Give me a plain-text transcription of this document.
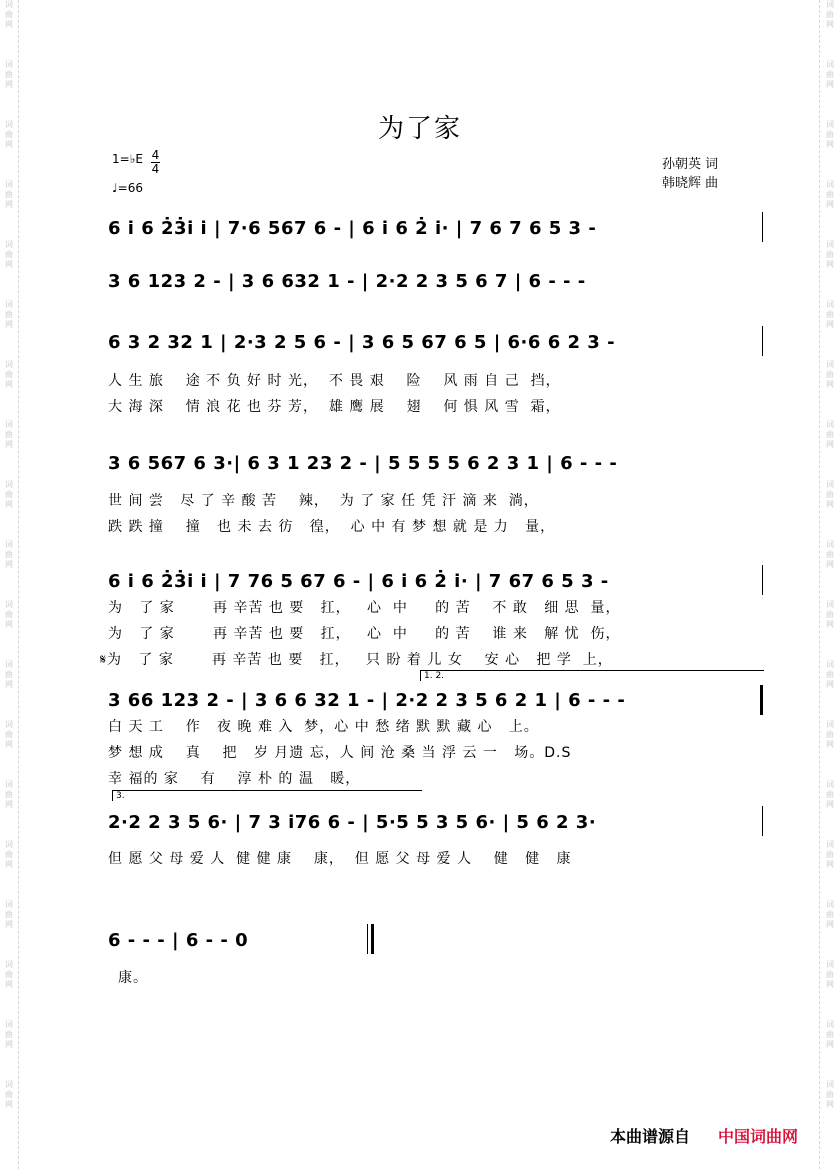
词
曲
网
词
曲
网
词
曲
网
词
曲
网
词
曲
网
词
曲
网
词
曲
网
词
曲
网
词
曲
网
词
曲
网
词
曲
网
词
曲
网
词
曲
网
词
曲
网
词
曲
网
词
曲
网
词
曲
网
词
曲
网
词
曲
网
词
曲
网
词
曲
网
词
曲
网
词
曲
网
词
曲
网
词
曲
网
词
曲
网
词
曲
网
词
曲
网
词
曲
网
词
曲
网
词
曲
网
词
曲
网
词
曲
网
词
曲
网
词
曲
网
词
曲
网
词
曲
网
词
曲
网
为了家
孙朝英 词
韩晓辉 曲
1=♭E 4
4
♩=66
6 i 6 2̇3̇i i | 7·6 567 6 - | 6 i 6 2̇ i· | 7 6 7 6 5 3 -
3 6 123 2 - | 3 6 632 1 - | 2·2 2 3 5 6 7 | 6 - - -
6 3 2 32 1 | 2·3 2 5 6 - | 3 6 5 67 6 5 | 6·6 6 2 3 -
人 生 旅    途 不 负 好 时 光，  不 畏 艰    险    风 雨 自 己  挡，
大 海 深    情 浪 花 也 芬 芳，  雄 鹰 展    翅    何 惧 风 雪  霜，
3 6 567 6 3·| 6 3 1 23 2 - | 5 5 5 5 6 2 3 1 | 6 - - -
世 间 尝   尽 了 辛 酸 苦    辣，  为 了 家 任 凭 汗 滴 来  淌，
跌 跌 撞    撞   也 未 去 彷   徨，  心 中 有 梦 想 就 是 力   量，
6 i 6 2̇3̇i i | 7 76 5 67 6 - | 6 i 6 2̇ i· | 7 67 6 5 3 -
为   了 家       再 辛苦 也 要   扛，   心  中     的 苦    不 敢   细 思  量，
为   了 家       再 辛苦 也 要   扛，   心  中     的 苦    谁 来   解 忧  伤，
𝄋为   了 家       再 辛苦 也 要   扛，   只 盼 着 儿 女    安 心   把 学  上，
1. 2.
3 66 123 2 - | 3 6 6 32 1 - | 2·2 2 3 5 6 2 1 | 6 - - -
白 天 工    作   夜 晚 难 入  梦，心 中 愁 绪 默 默 藏 心   上。
梦 想 成    真    把   岁 月遗 忘，人 间 沧 桑 当 浮 云 一   场。D.S
幸 福的 家    有    淳 朴 的 温   暖，
3.
2·2 2 3 5 6· | 7 3 i76 6 - | 5·5 5 3 5 6· | 5 6 2 3·
但 愿 父 母 爱 人  健 健 康    康，  但 愿 父 母 爱 人    健   健   康
6 - - - | 6 - - 0
康。
本曲谱源自 中国词曲网
